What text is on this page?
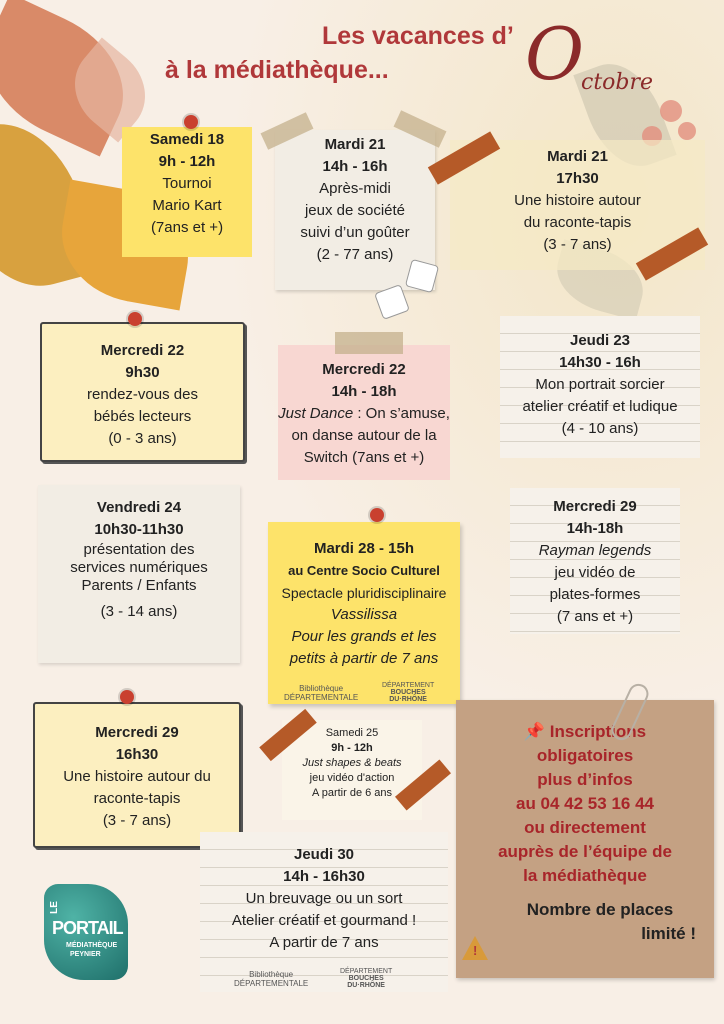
Les vacances d’
à la médiathèque... O
ctobre
Samedi 18
9h - 12h
Tournoi
Mario Kart
(7ans et +)
Mardi 21
14h - 16h
Après-midi
jeux de société
suivi d’un goûter
(2 - 77 ans)
Mardi 21
17h30
Une histoire autour
du raconte-tapis
(3 - 7 ans)
Mercredi 22
9h30
rendez-vous des
bébés lecteurs
(0 - 3 ans)
Mercredi 22
14h - 18h
Just Dance : On s’amuse,
on danse autour de la
Switch (7ans et +)
Jeudi 23
14h30 - 16h
Mon portrait sorcier
atelier créatif et ludique
(4 - 10 ans)
Vendredi 24
10h30-11h30
présentation des
services numériques
Parents / Enfants
(3 - 14 ans)
Mardi 28 - 15h
au Centre Socio Culturel
Spectacle pluridisciplinaire
Vassilissa
Pour les grands et les
petits à partir de 7 ans
Bibliothèque
DÉPARTEMENTALE
DÉPARTEMENT
BOUCHES
DU·RHÔNE
Mercredi 29
14h-18h
Rayman legends
jeu vidéo de
plates-formes
(7 ans et +)
Mercredi 29
16h30
Une histoire autour du
raconte-tapis
(3 - 7 ans)
Samedi 25
9h - 12h
Just shapes & beats
jeu vidéo d'action
A partir de 6 ans
Jeudi 30
14h - 16h30
Un breuvage ou un sort
Atelier créatif et gourmand !
A partir de 7 ans
Bibliothèque
DÉPARTEMENTALE
DÉPARTEMENT
BOUCHES
DU·RHÔNE
📌 Inscriptions
obligatoires
plus d’infos
au 04 42 53 16 44
ou directement
auprès de l’équipe de
la médiathèque
Nombre de places
limité !
!
LE
PORTAIL
MÉDIATHÈQUE
PEYNIER
